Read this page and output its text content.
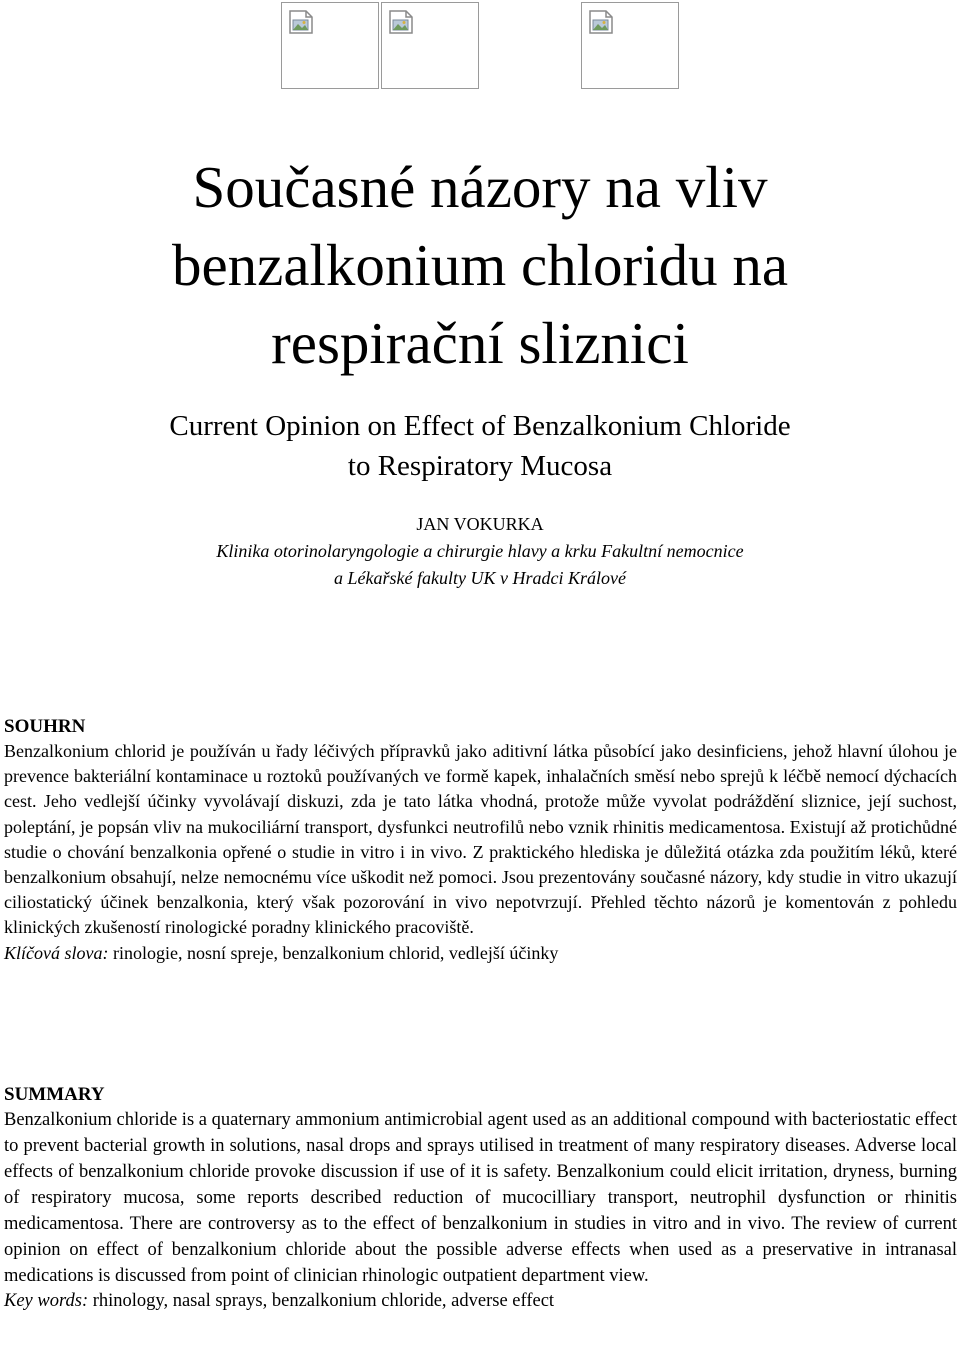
Současné názory na vliv
benzalkonium chloridu na
respirační sliznici
Current Opinion on Effect of Benzalkonium Chloride
to Respiratory Mucosa
JAN VOKURKA
Klinika otorinolaryngologie a chirurgie hlavy a krku Fakultní nemocnice
a Lékařské fakulty UK v Hradci Králové
SOUHRN

Benzalkonium chlorid je používán u řady léčivých přípravků jako aditivní látka působící jako desinficiens, jehož hlavní úlohou je prevence bakteriální kontaminace u roztoků používaných ve formě kapek, inhalačních směsí nebo sprejů k léčbě nemocí dýchacích cest. Jeho vedlejší účinky vyvolávají diskuzi, zda je tato látka vhodná, protože může vyvolat podráždění sliznice, její suchost, poleptání, je popsán vliv na mukociliární transport, dysfunkci neutrofilů nebo vznik rhinitis medicamentosa. Existují až protichůdné studie o chování benzalkonia opřené o studie in vitro i in vivo. Z praktického hlediska je důležitá otázka zda použitím léků, které benzalkonium obsahují, nelze nemocnému více uškodit než pomoci. Jsou prezentovány současné názory, kdy studie in vitro ukazují ciliostatický účinek benzalkonia, který však pozorování in vivo nepotvrzují. Přehled těchto názorů je komentován z pohledu klinických zkušeností rinologické poradny klinického pracoviště.

Klíčová slova: rinologie, nosní spreje, benzalkonium chlorid, vedlejší účinky

SUMMARY

Benzalkonium chloride is a quaternary ammonium antimicrobial agent used as an additional compound with bacteriostatic effect to prevent bacterial growth in solutions, nasal drops and sprays utilised in treatment of many respiratory diseases. Adverse local effects of benzalkonium chloride provoke discussion if use of it is safety. Benzalkonium could elicit irritation, dryness, burning of respiratory mucosa, some reports described reduction of mucocilliary transport, neutrophil dysfunction or rhinitis medicamentosa. There are controversy as to the effect of benzalkonium in studies in vitro and in vivo. The review of current opinion on effect of benzalkonium chloride about the possible adverse effects when used as a preservative in intranasal medications is discussed from point of clinician rhinologic outpatient department view.

Key words: rhinology, nasal sprays, benzalkonium chloride, adverse effect
